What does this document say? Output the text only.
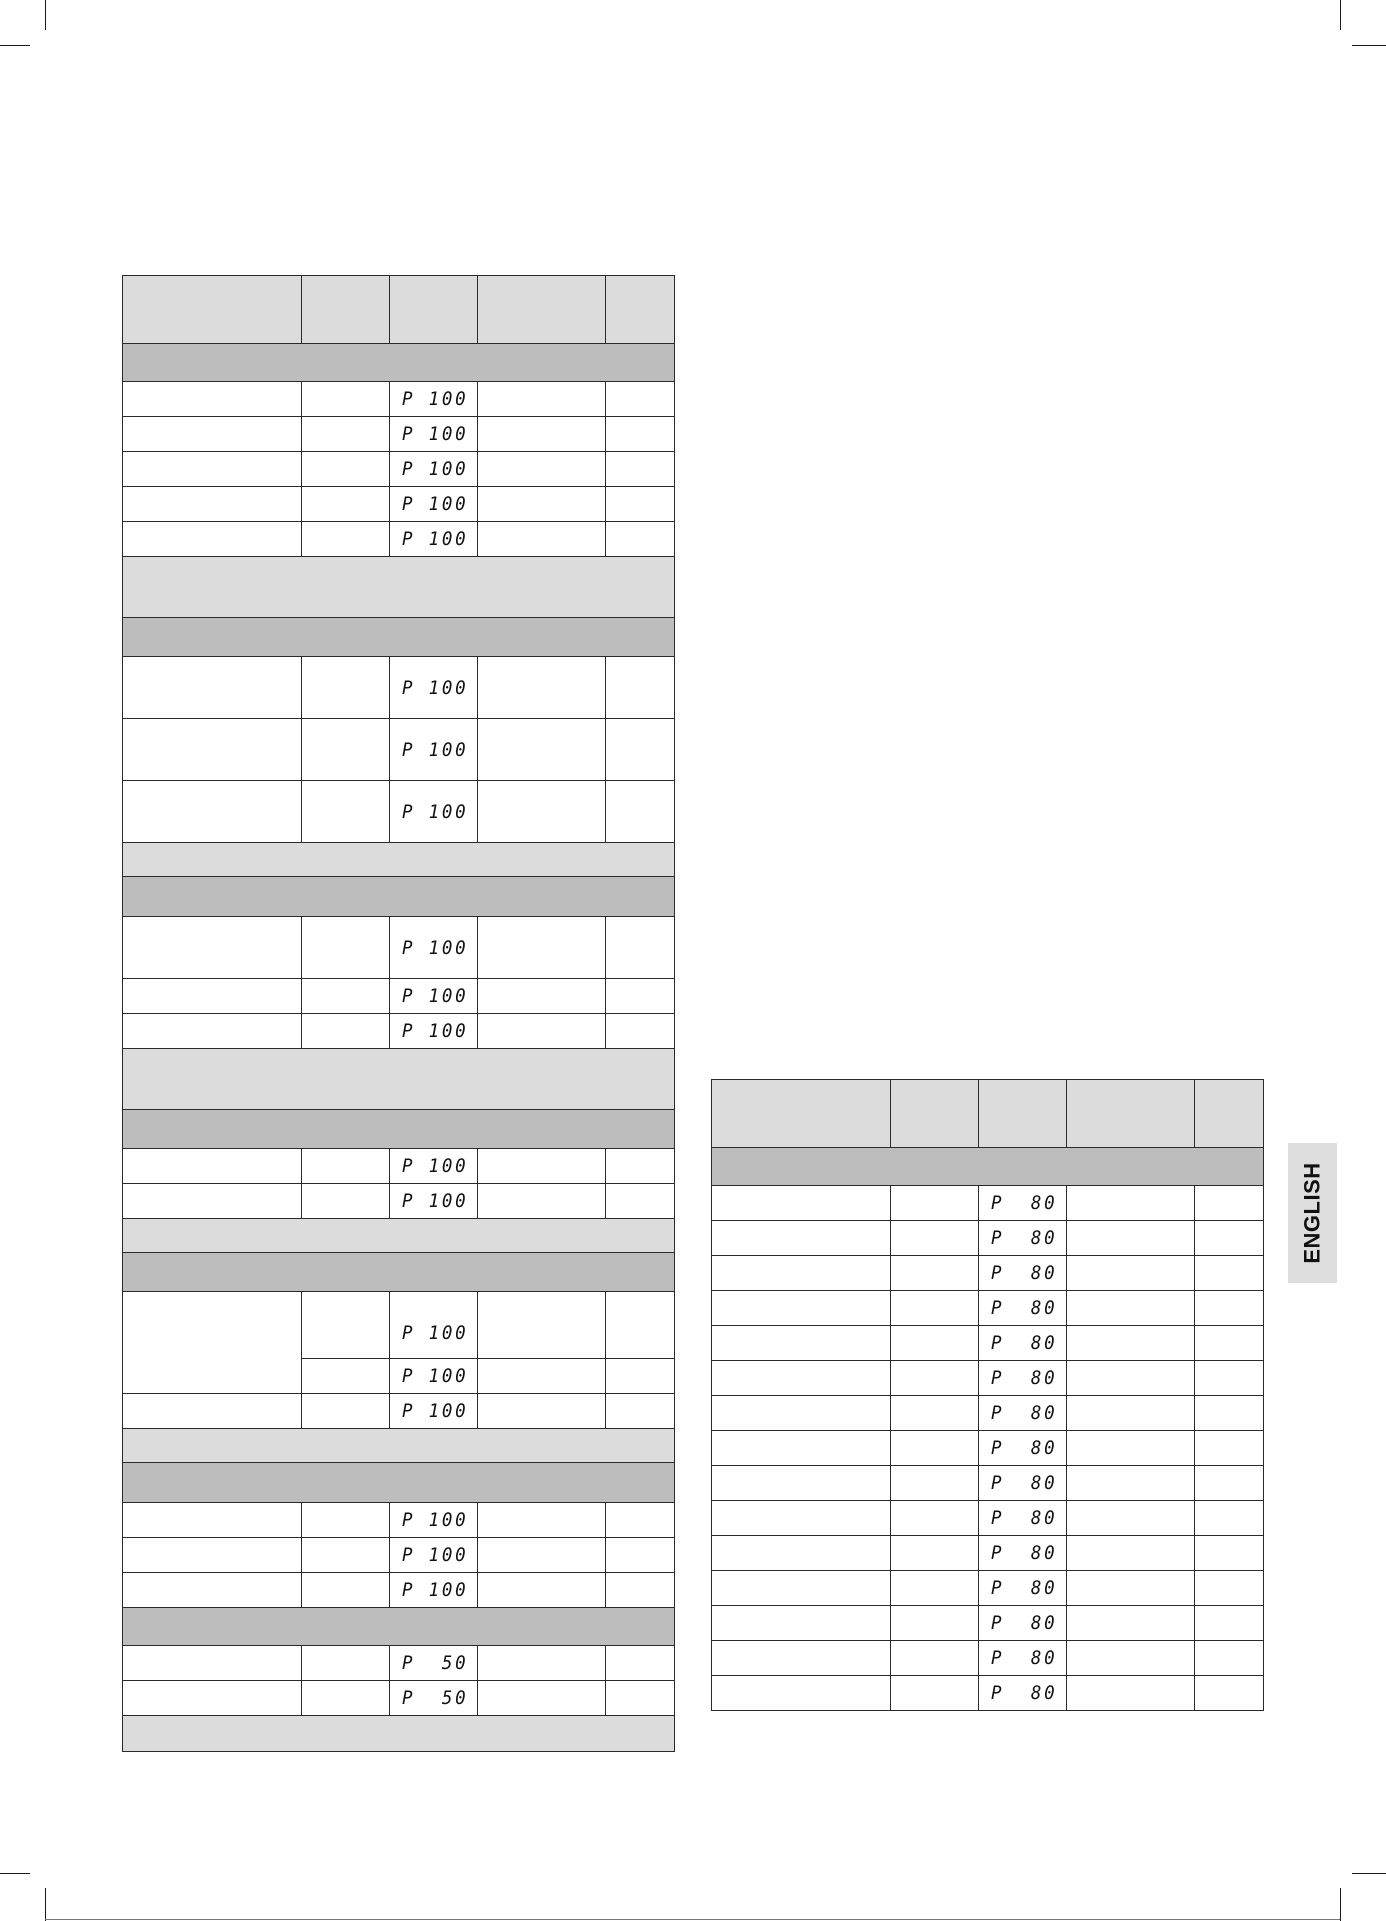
		P 100		
		P 100		
		P 100		
		P 100		
		P 100		

		P 100		
		P 100		
		P 100		

		P 100		
		P 100		
		P 100		

		P 100		
		P 100		

		P 100		
		P 100		
		P 100		

		P 100		
		P 100		
		P 100		

		P  50		
		P  50		

		P  80		
		P  80		
		P  80		
		P  80		
		P  80		
		P  80		
		P  80		
		P  80		
		P  80		
		P  80		
		P  80		
		P  80		
		P  80		
		P  80		
		P  80		
ENGLISH
